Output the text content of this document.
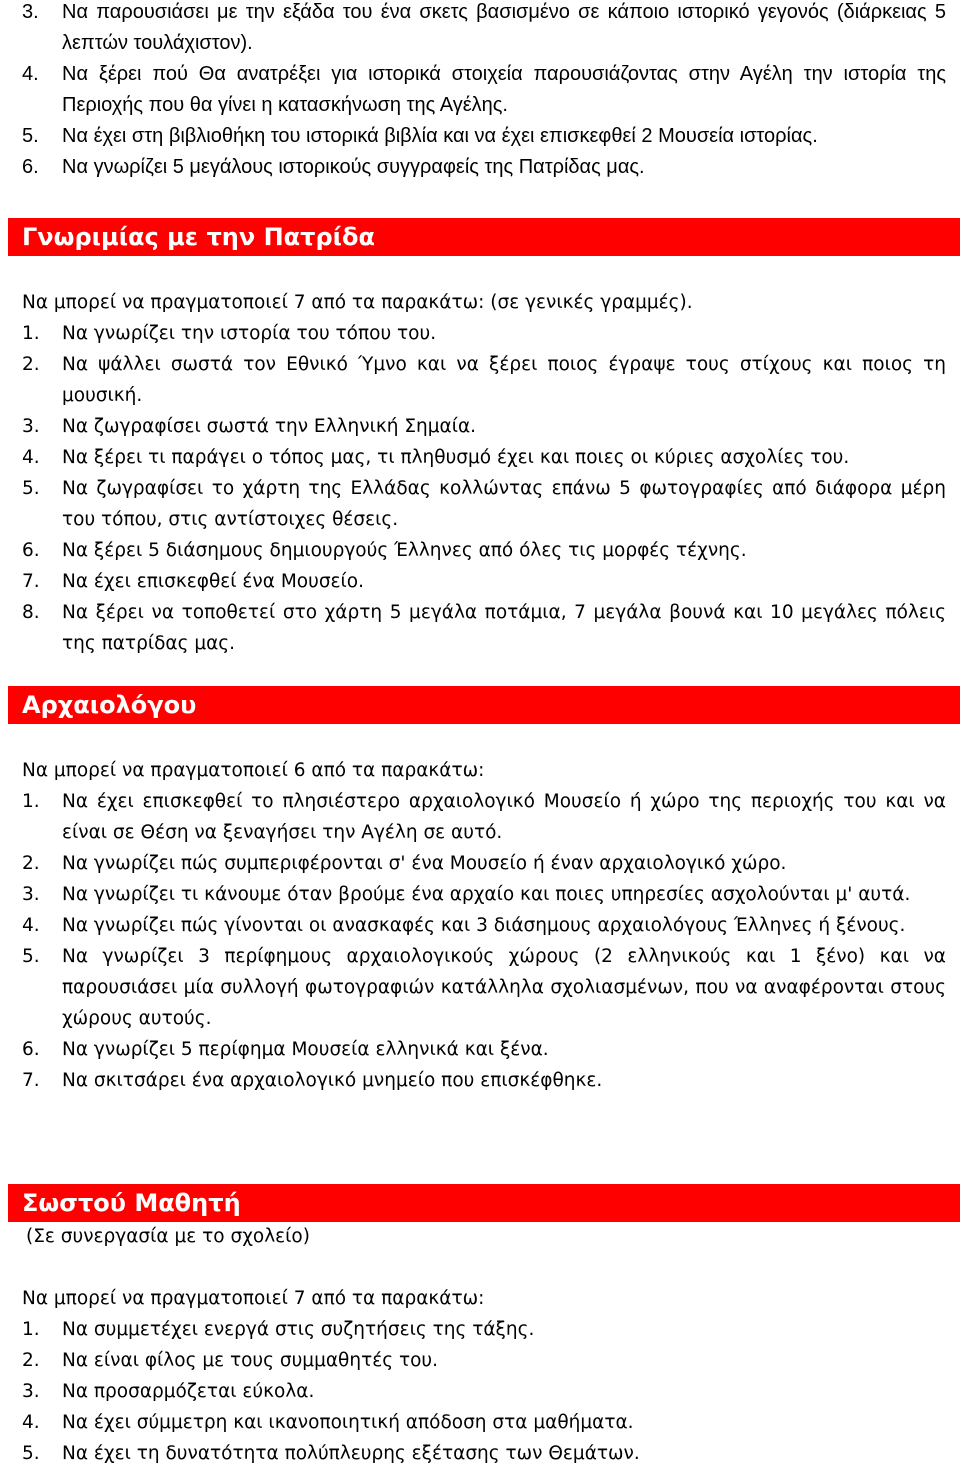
3.	Να παρουσιάσει με την εξάδα του ένα σκετς βασισμένο σε κάποιο ιστορικό γεγονός (διάρκειας 5 λεπτών τουλάχιστον).
4.	Να ξέρει πού Θα ανατρέξει για ιστορικά στοιχεία παρουσιάζοντας στην Αγέλη την ιστορία της Περιοχής που θα γίνει η κατασκήνωση της Αγέλης.
5.	Να έχει στη βιβλιοθήκη του ιστορικά βιβλία και να έχει επισκεφθεί 2 Μουσεία ιστορίας.
6.	Να γνωρίζει 5 μεγάλους ιστορικούς συγγραφείς της Πατρίδας μας.
Γνωριμίας με την Πατρίδα
Να μπορεί να πραγματοποιεί 7 από τα παρακάτω: (σε γενικές γραμμές).
1.	Να γνωρίζει την ιστορία του τόπου του.
2.	Να ψάλλει σωστά τον Εθνικό Ύμνο και να ξέρει ποιος έγραψε τους στίχους και ποιος τη μουσική.
3.	Να ζωγραφίσει σωστά την Ελληνική Σημαία.
4.	Να ξέρει τι παράγει ο τόπος μας, τι πληθυσμό έχει και ποιες οι κύριες ασχολίες του.
5.	Να ζωγραφίσει το χάρτη της Ελλάδας κολλώντας επάνω 5 φωτογραφίες από διάφορα μέρη του τόπου, στις αντίστοιχες θέσεις.
6.	Να ξέρει 5 διάσημους δημιουργούς Έλληνες από όλες τις μορφές τέχνης.
7.	Να έχει επισκεφθεί ένα Μουσείο.
8.	Να ξέρει να τοποθετεί στο χάρτη 5 μεγάλα ποτάμια, 7 μεγάλα βουνά και 10 μεγάλες πόλεις της πατρίδας μας.
Αρχαιολόγου
Να μπορεί να πραγματοποιεί 6 από τα παρακάτω:
1.	Να έχει επισκεφθεί το πλησιέστερο αρχαιολογικό Μουσείο ή χώρο της περιοχής του και να είναι σε Θέση να ξεναγήσει την Αγέλη σε αυτό.
2.	Να γνωρίζει πώς συμπεριφέρονται σ' ένα Μουσείο ή έναν αρχαιολογικό χώρο.
3.	Να γνωρίζει τι κάνουμε όταν βρούμε ένα αρχαίο και ποιες υπηρεσίες ασχολούνται μ' αυτά.
4.	Να γνωρίζει πώς γίνονται οι ανασκαφές και 3 διάσημους αρχαιολόγους Έλληνες ή ξένους.
5.	Να γνωρίζει 3 περίφημους αρχαιολογικούς χώρους (2 ελληνικούς και 1 ξένο) και να παρουσιάσει μία συλλογή φωτογραφιών κατάλληλα σχολιασμένων, που να αναφέρονται στους χώρους αυτούς.
6.	Να γνωρίζει 5 περίφημα Μουσεία ελληνικά και ξένα.
7.	Να σκιτσάρει ένα αρχαιολογικό μνημείο που επισκέφθηκε.
Σωστού Μαθητή
(Σε συνεργασία με το σχολείο)
Να μπορεί να πραγματοποιεί 7 από τα παρακάτω:
1.	Να συμμετέχει ενεργά στις συζητήσεις της τάξης.
2.	Να είναι φίλος με τους συμμαθητές του.
3.	Να προσαρμόζεται εύκολα.
4.	Να έχει σύμμετρη και ικανοποιητική απόδοση στα μαθήματα.
5.	Να έχει τη δυνατότητα πολύπλευρης εξέτασης των Θεμάτων.
